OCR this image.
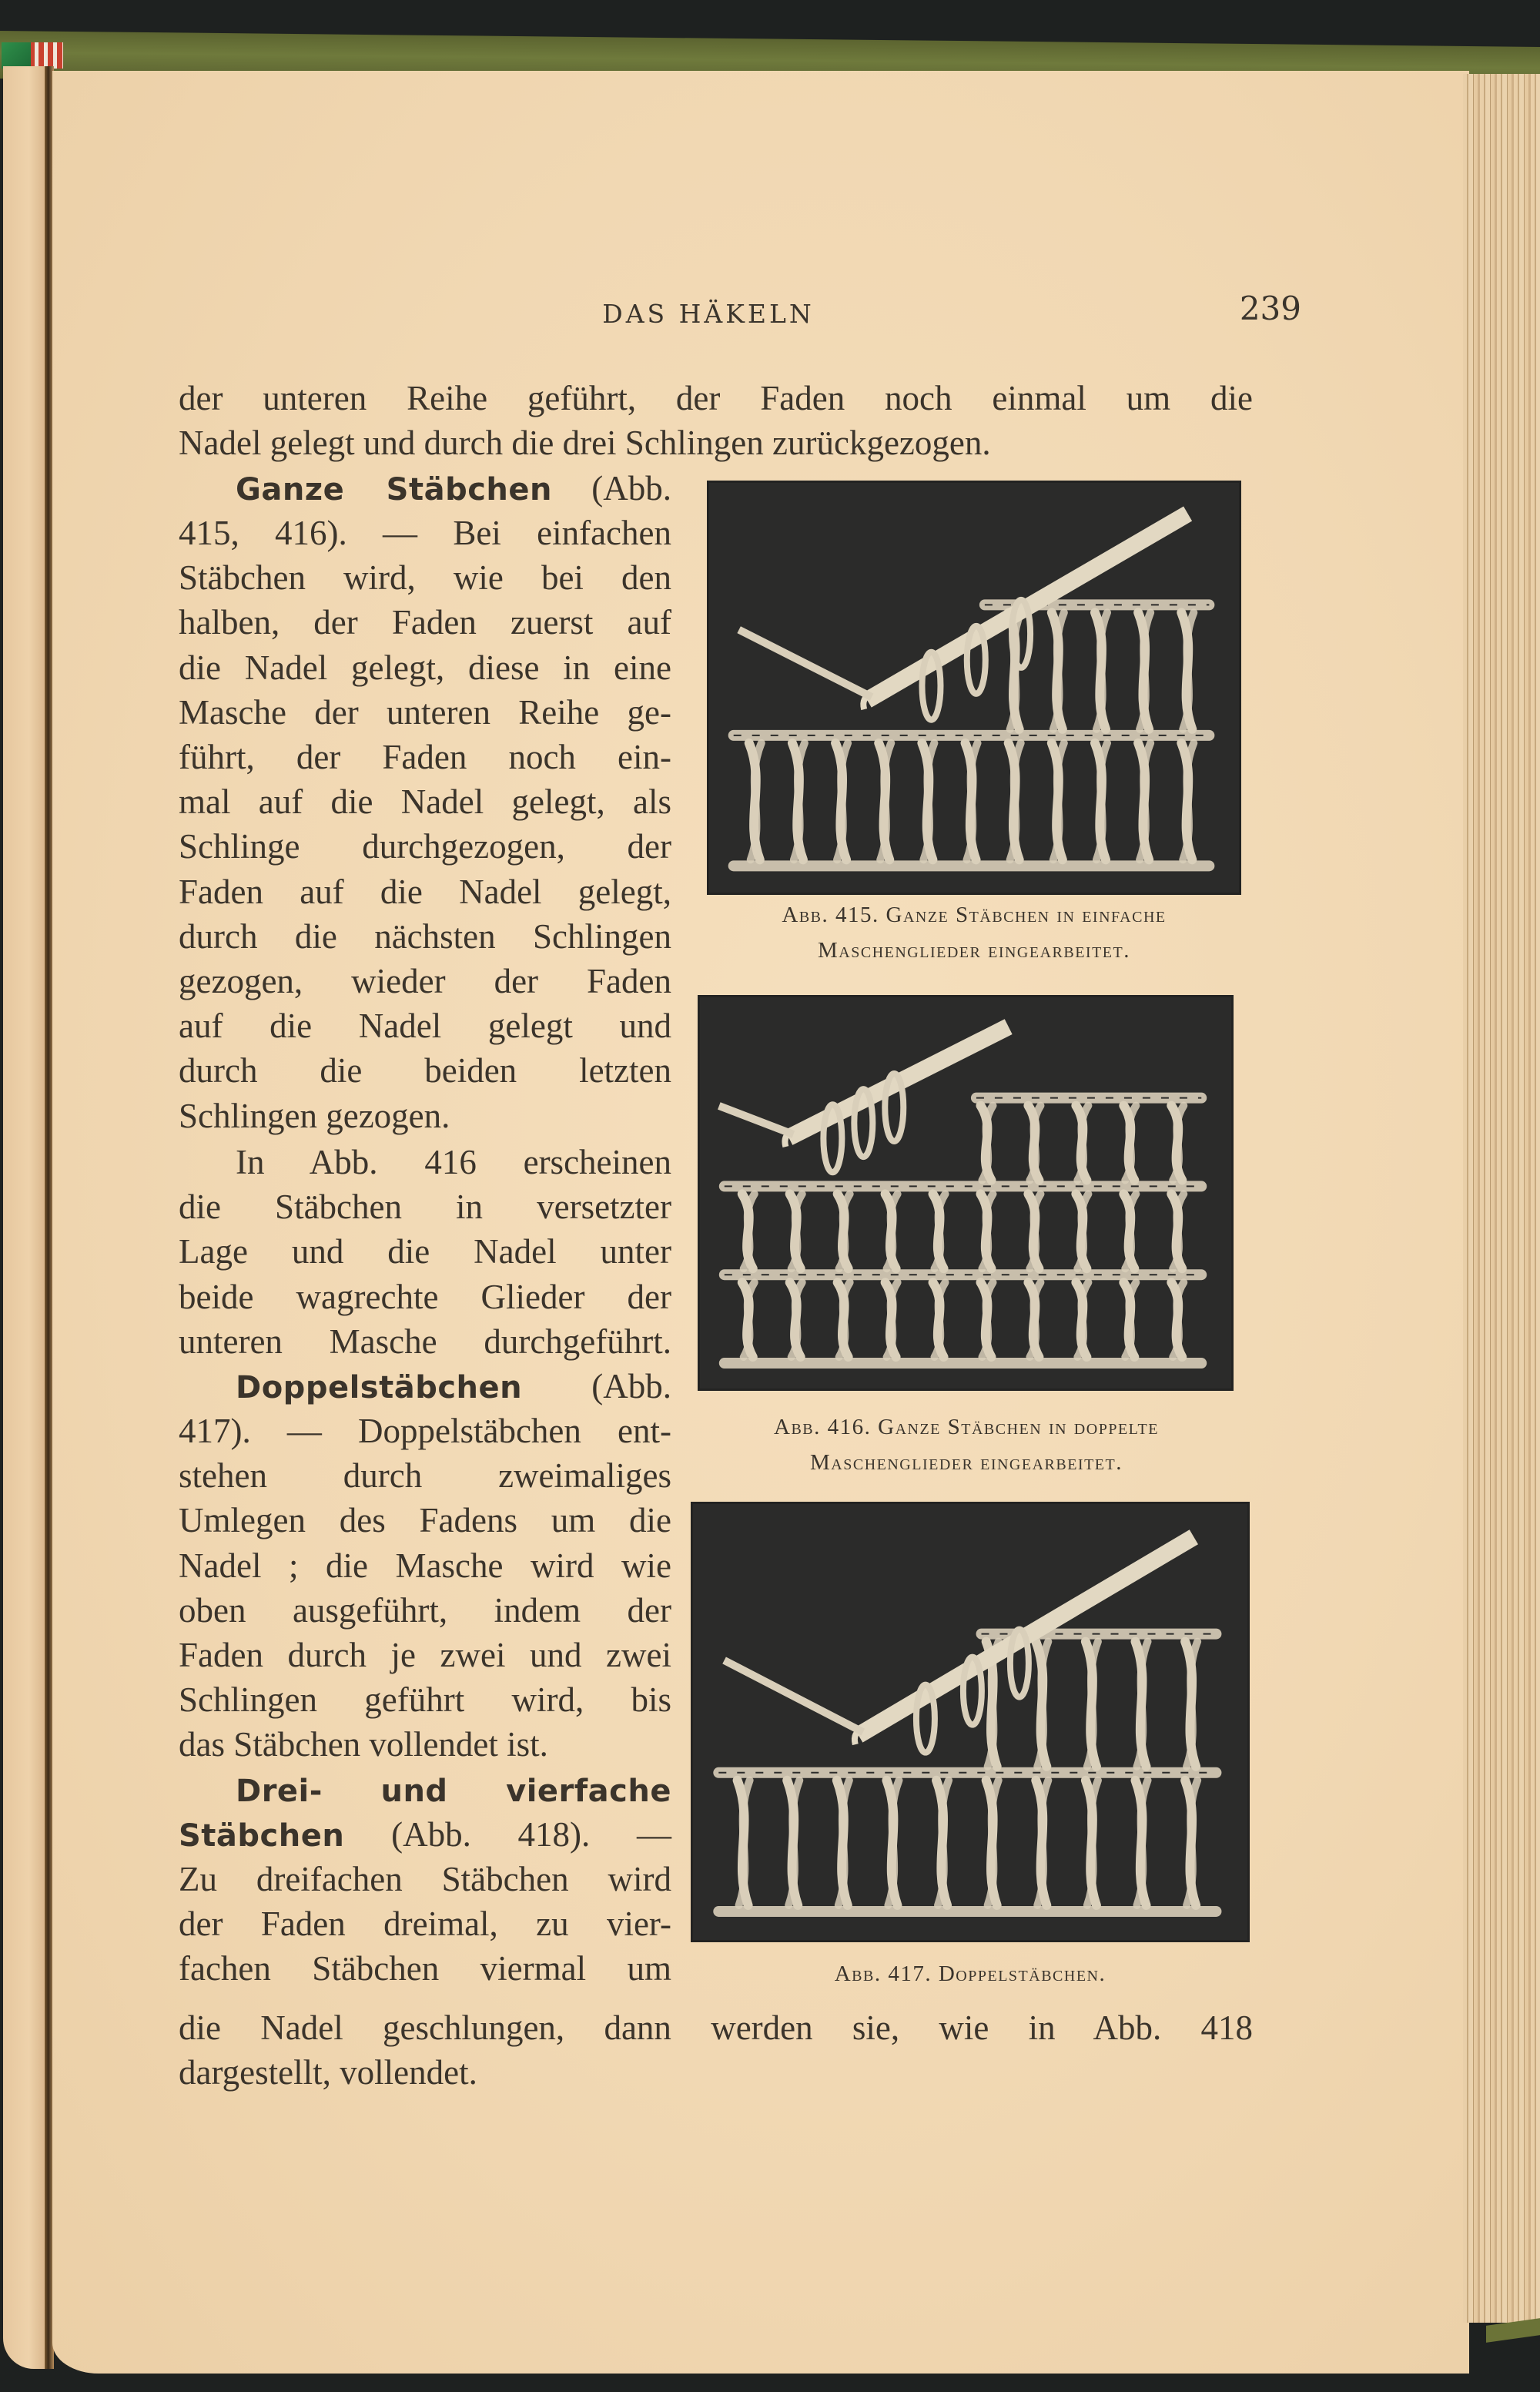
DAS HÄKELN	239
der unteren Reihe geführt, der Faden noch einmal um die
Nadel gelegt und durch die drei Schlingen zurückgezogen.
Ganze Stäbchen (Abb.
415, 416). — Bei einfachen
Stäbchen wird, wie bei den
halben, der Faden zuerst auf
die Nadel gelegt, diese in eine
Masche der unteren Reihe ge-
führt, der Faden noch ein-
mal auf die Nadel gelegt, als
Schlinge durchgezogen, der
Faden auf die Nadel gelegt,
durch die nächsten Schlingen
gezogen, wieder der Faden
auf die Nadel gelegt und
durch die beiden letzten
Schlingen gezogen.
In Abb. 416 erscheinen
die Stäbchen in versetzter
Lage und die Nadel unter
beide wagrechte Glieder der
unteren Masche durchgeführt.
Doppelstäbchen (Abb.
417). — Doppelstäbchen ent-
stehen durch zweimaliges
Umlegen des Fadens um die
Nadel ; die Masche wird wie
oben ausgeführt, indem der
Faden durch je zwei und zwei
Schlingen geführt wird, bis
das Stäbchen vollendet ist.
Drei- und vierfache
Stäbchen (Abb. 418). —
Zu dreifachen Stäbchen wird
der Faden dreimal, zu vier-
fachen Stäbchen viermal um
die Nadel geschlungen, dann werden sie, wie in Abb. 418
dargestellt, vollendet.
Abb. 415. Ganze Stäbchen in einfache
Maschenglieder eingearbeitet.
Abb. 416. Ganze Stäbchen in doppelte
Maschenglieder eingearbeitet.
Abb. 417. Doppelstäbchen.
